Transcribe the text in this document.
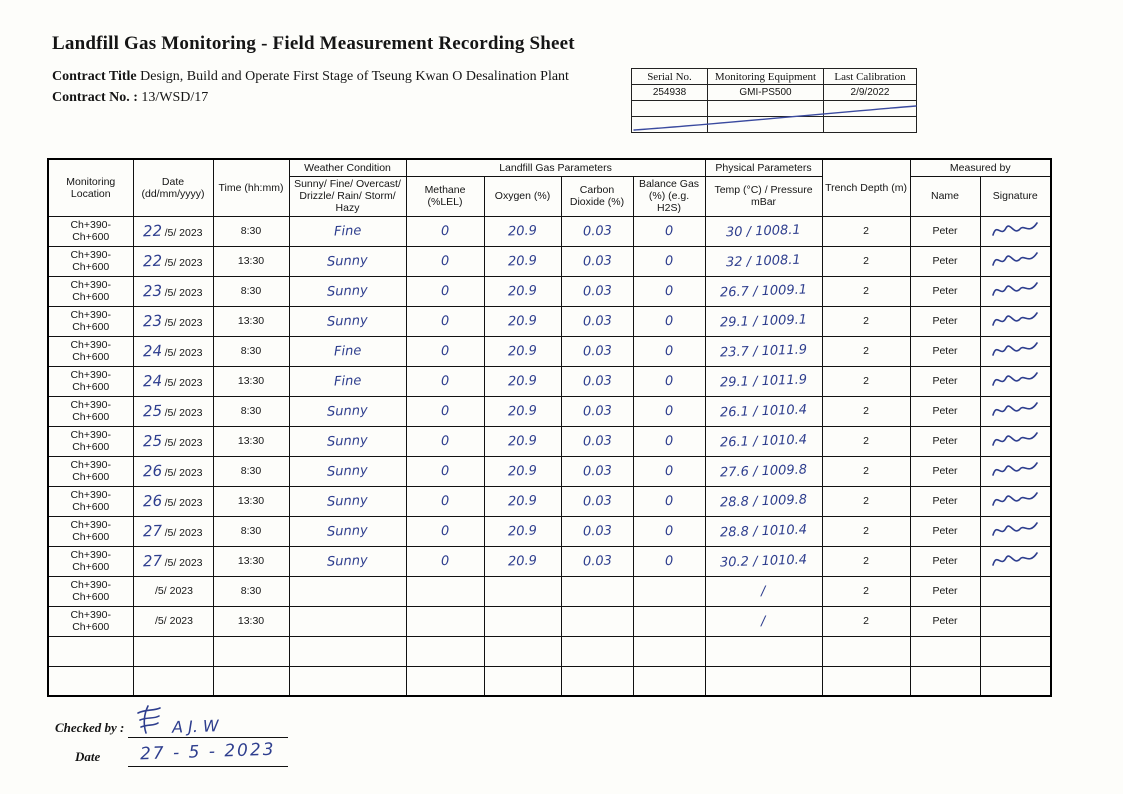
Landfill Gas Monitoring - Field Measurement Recording Sheet
Contract Title Design, Build and Operate First Stage of Tseung Kwan O Desalination Plant
Contract No. : 13/WSD/17
Serial No.	Monitoring Equipment	Last Calibration
254938	GMI-PS500	2/9/2022

Monitoring Location	Date (dd/mm/yyyy)	Time (hh:mm)	Weather Condition	Landfill Gas Parameters				Physical Parameters	Trench Depth (m)	Measured by	
			Sunny/ Fine/ Overcast/ Drizzle/ Rain/ Storm/ Hazy	Methane (%LEL)	Oxygen (%)	Carbon Dioxide (%)	Balance Gas (%) (e.g. H2S)	Temp (°C) / Pressure mBar		Name	Signature
Ch+390- Ch+600	22 /5/ 2023	8:30	Fine	0	20.9	0.03	0	30 / 1008.1	2	Peter	
Ch+390- Ch+600	22 /5/ 2023	13:30	Sunny	0	20.9	0.03	0	32 / 1008.1	2	Peter	
Ch+390- Ch+600	23 /5/ 2023	8:30	Sunny	0	20.9	0.03	0	26.7 / 1009.1	2	Peter	
Ch+390- Ch+600	23 /5/ 2023	13:30	Sunny	0	20.9	0.03	0	29.1 / 1009.1	2	Peter	
Ch+390- Ch+600	24 /5/ 2023	8:30	Fine	0	20.9	0.03	0	23.7 / 1011.9	2	Peter	
Ch+390- Ch+600	24 /5/ 2023	13:30	Fine	0	20.9	0.03	0	29.1 / 1011.9	2	Peter	
Ch+390- Ch+600	25 /5/ 2023	8:30	Sunny	0	20.9	0.03	0	26.1 / 1010.4	2	Peter	
Ch+390- Ch+600	25 /5/ 2023	13:30	Sunny	0	20.9	0.03	0	26.1 / 1010.4	2	Peter	
Ch+390- Ch+600	26 /5/ 2023	8:30	Sunny	0	20.9	0.03	0	27.6 / 1009.8	2	Peter	
Ch+390- Ch+600	26 /5/ 2023	13:30	Sunny	0	20.9	0.03	0	28.8 / 1009.8	2	Peter	
Ch+390- Ch+600	27 /5/ 2023	8:30	Sunny	0	20.9	0.03	0	28.8 / 1010.4	2	Peter	
Ch+390- Ch+600	27 /5/ 2023	13:30	Sunny	0	20.9	0.03	0	30.2 / 1010.4	2	Peter	
Ch+390- Ch+600	/5/ 2023	8:30						/	2	Peter	
Ch+390- Ch+600	/5/ 2023	13:30						/	2	Peter	

Checked by :	A J. W
Date 27 - 5 - 2023
